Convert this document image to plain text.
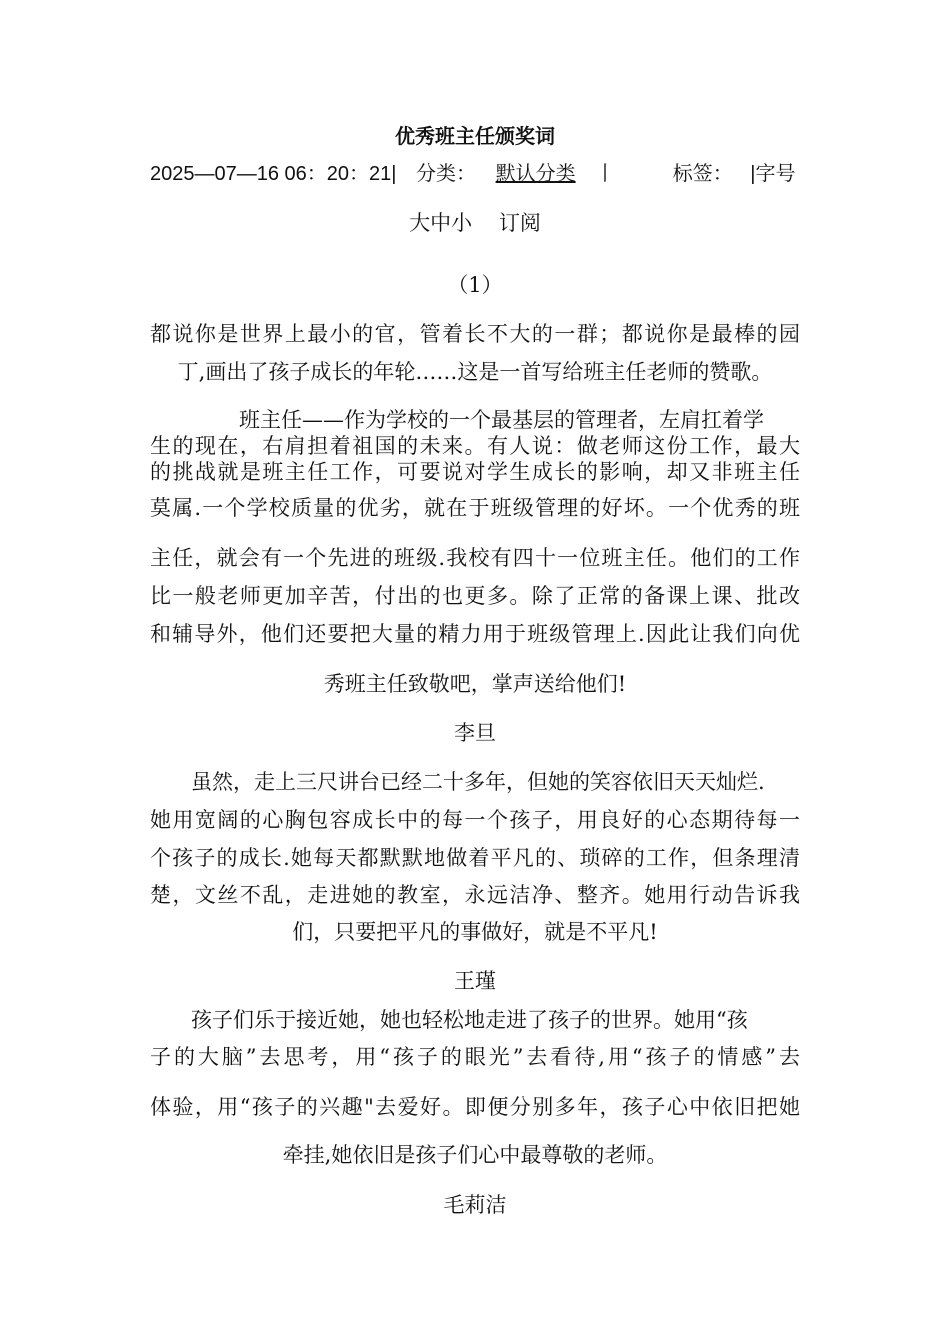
优秀班主任颁奖词
2025—07—16 06：20：21| 分类： 默认分类 丨	标签： |字号
大中小 订阅
（1）
都说你是世界上最小的官，管着长不大的一群；都说你是最棒的园
丁,画出了孩子成长的年轮……这是一首写给班主任老师的赞歌。
班主任——作为学校的一个最基层的管理者，左肩扛着学
生的现在，右肩担着祖国的未来。有人说：做老师这份工作，最大
的挑战就是班主任工作，可要说对学生成长的影响，却又非班主任
莫属.一个学校质量的优劣，就在于班级管理的好坏。一个优秀的班
主任，就会有一个先进的班级.我校有四十一位班主任。他们的工作
比一般老师更加辛苦，付出的也更多。除了正常的备课上课、批改
和辅导外，他们还要把大量的精力用于班级管理上.因此让我们向优
秀班主任致敬吧，掌声送给他们!
李旦
虽然，走上三尺讲台已经二十多年，但她的笑容依旧天天灿烂.
她用宽阔的心胸包容成长中的每一个孩子，用良好的心态期待每一
个孩子的成长.她每天都默默地做着平凡的、琐碎的工作，但条理清
楚，文丝不乱，走进她的教室，永远洁净、整齐。她用行动告诉我
们，只要把平凡的事做好，就是不平凡!
王瑾
孩子们乐于接近她，她也轻松地走进了孩子的世界。她用“孩
子的大脑”去思考，用“孩子的眼光”去看待,用“孩子的情感”去
体验，用“孩子的兴趣"去爱好。即便分别多年，孩子心中依旧把她
牵挂,她依旧是孩子们心中最尊敬的老师。
毛莉洁
